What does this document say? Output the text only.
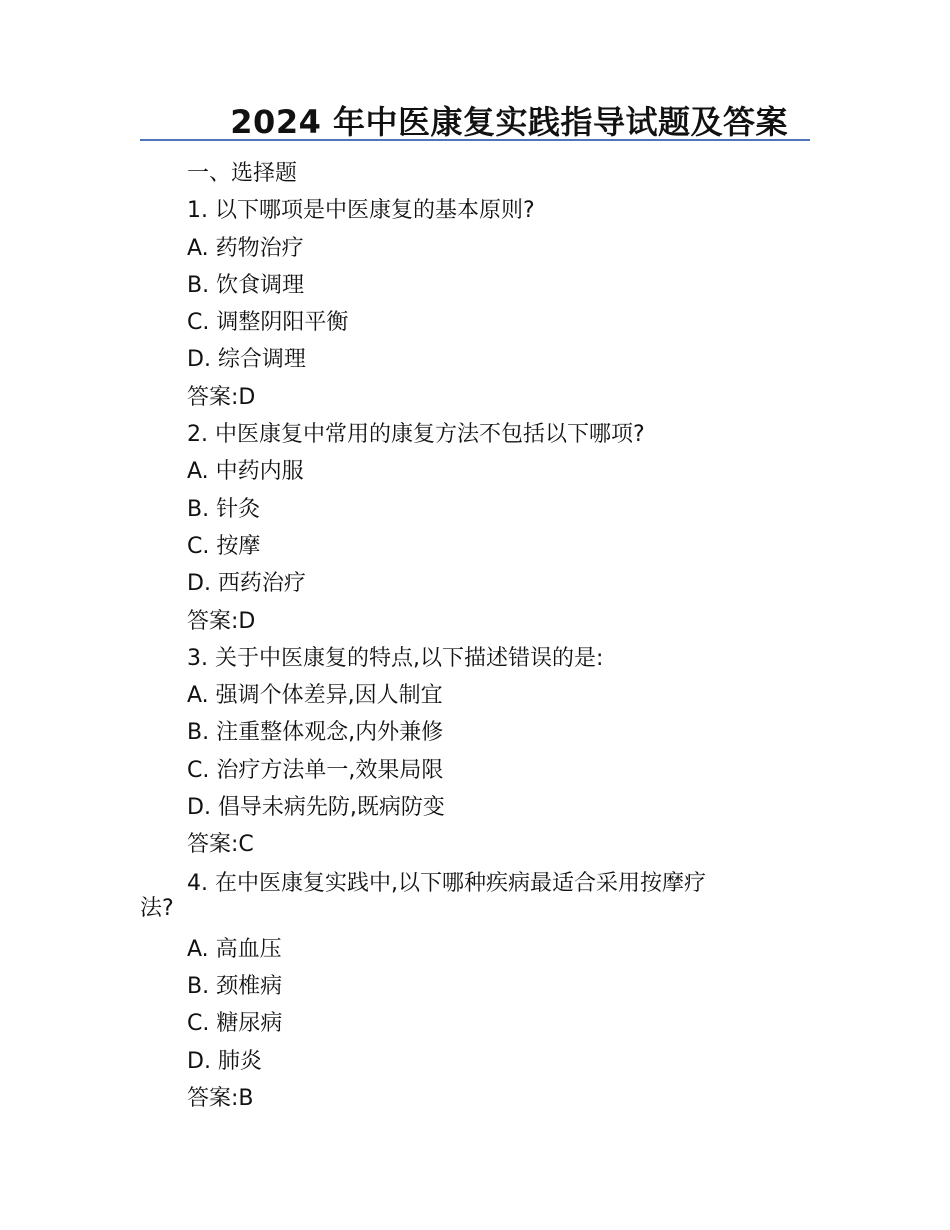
2024 年中医康复实践指导试题及答案
一、选择题
1. 以下哪项是中医康复的基本原则?
A. 药物治疗
B. 饮食调理
C. 调整阴阳平衡
D. 综合调理
答案:D
2. 中医康复中常用的康复方法不包括以下哪项?
A. 中药内服
B. 针灸
C. 按摩
D. 西药治疗
答案:D
3. 关于中医康复的特点,以下描述错误的是:
A. 强调个体差异,因人制宜
B. 注重整体观念,内外兼修
C. 治疗方法单一,效果局限
D. 倡导未病先防,既病防变
答案:C
4. 在中医康复实践中,以下哪种疾病最适合采用按摩疗
法?
A. 高血压
B. 颈椎病
C. 糖尿病
D. 肺炎
答案:B
